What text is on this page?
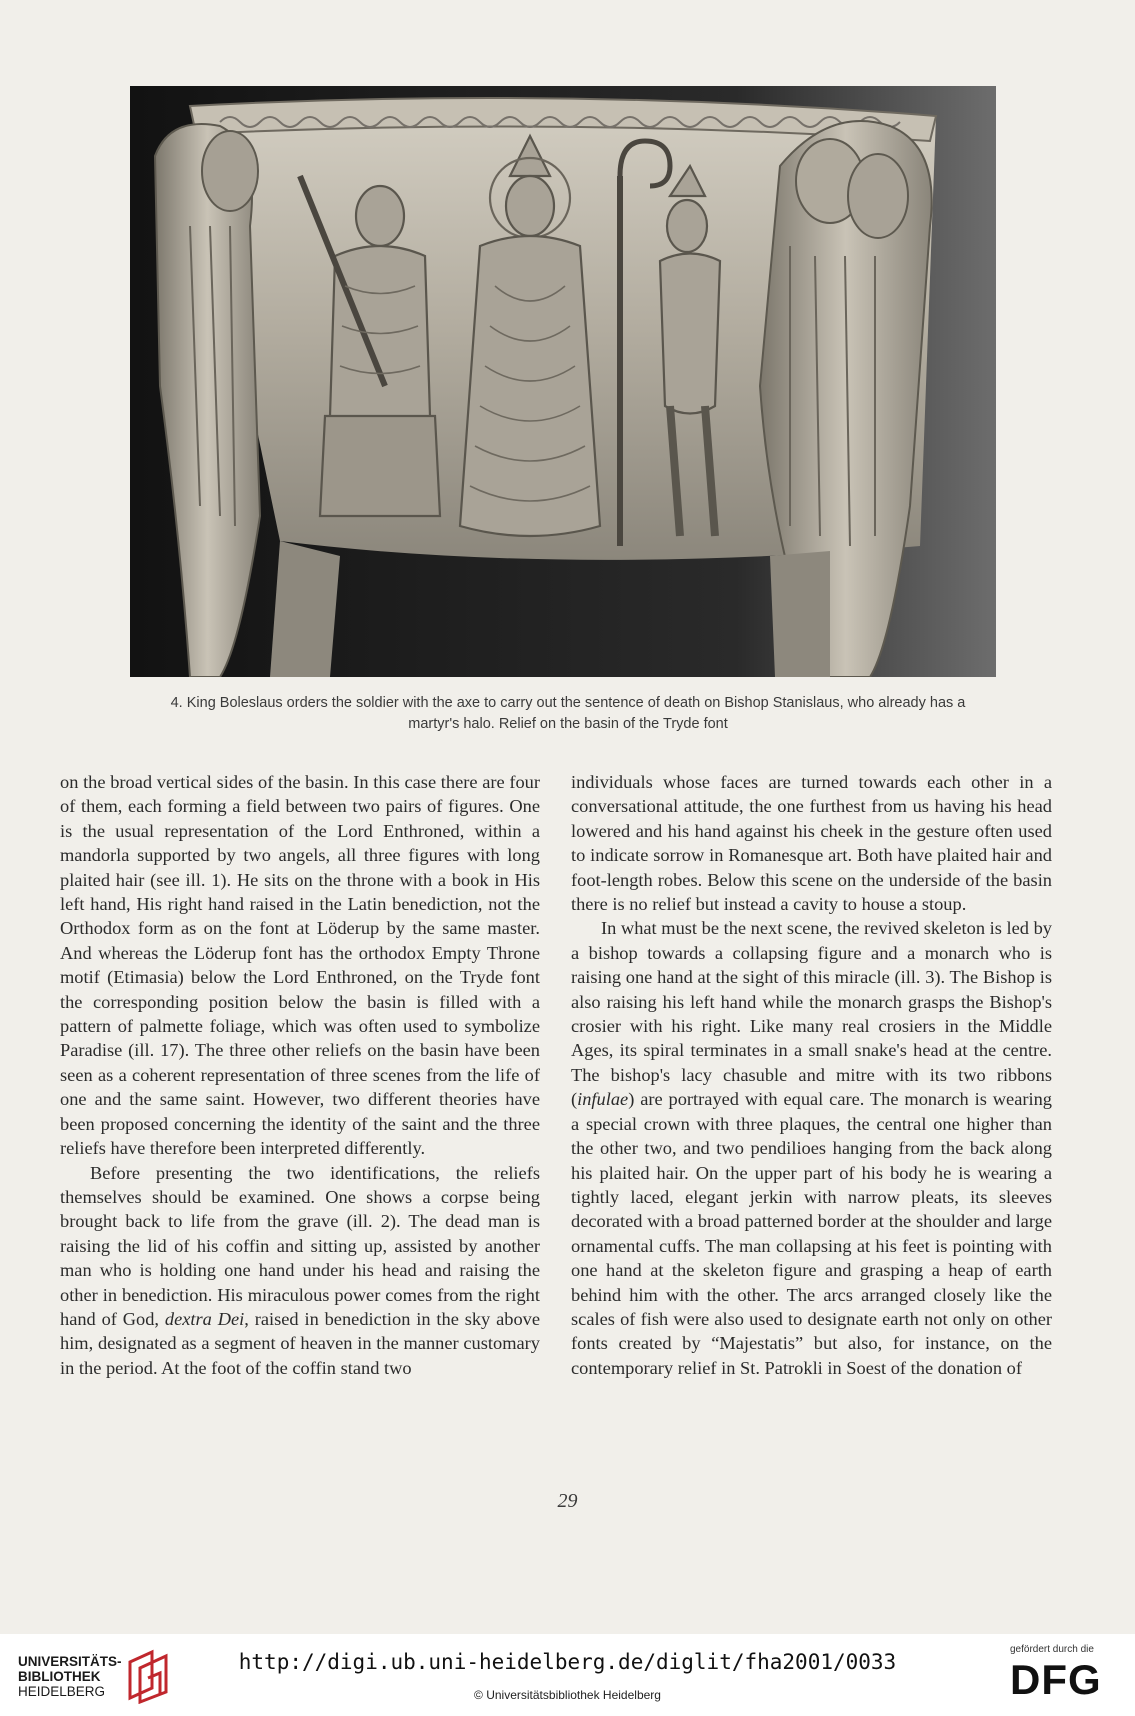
4. King Boleslaus orders the soldier with the axe to carry out the sentence of death on Bishop Stanislaus, who already has a
martyr's halo. Relief on the basin of the Tryde font

on the broad vertical sides of the basin. In this case there are four of them, each forming a field between two pairs of figures. One is the usual representation of the Lord Enthroned, within a mandorla supported by two angels, all three figures with long plaited hair (see ill. 1). He sits on the throne with a book in His left hand, His right hand raised in the Latin benediction, not the Orthodox form as on the font at Löderup by the same master. And whereas the Löderup font has the orthodox Empty Throne motif (Etimasia) below the Lord Enthroned, on the Tryde font the corresponding position below the basin is filled with a pattern of palmette foliage, which was often used to symbolize Paradise (ill. 17). The three other reliefs on the basin have been seen as a coherent representation of three scenes from the life of one and the same saint. However, two different theories have been proposed concerning the identity of the saint and the three reliefs have therefore been interpreted differently.

Before presenting the two identifications, the reliefs themselves should be examined. One shows a corpse being brought back to life from the grave (ill. 2). The dead man is raising the lid of his coffin and sitting up, assisted by another man who is holding one hand under his head and raising the other in benediction. His miraculous power comes from the right hand of God, dextra Dei, raised in benediction in the sky above him, designated as a segment of heaven in the manner customary in the period. At the foot of the coffin stand two

individuals whose faces are turned towards each other in a conversational attitude, the one furthest from us having his head lowered and his hand against his cheek in the gesture often used to indicate sorrow in Romanesque art. Both have plaited hair and foot-length robes. Below this scene on the underside of the basin there is no relief but instead a cavity to house a stoup.

In what must be the next scene, the revived skeleton is led by a bishop towards a collapsing figure and a monarch who is raising one hand at the sight of this miracle (ill. 3). The Bishop is also raising his left hand while the monarch grasps the Bishop's crosier with his right. Like many real crosiers in the Middle Ages, its spiral terminates in a small snake's head at the centre. The bishop's lacy chasuble and mitre with its two ribbons (infulae) are portrayed with equal care. The monarch is wearing a special crown with three plaques, the central one higher than the other two, and two pendilioes hanging from the back along his plaited hair. On the upper part of his body he is wearing a tightly laced, elegant jerkin with narrow pleats, its sleeves decorated with a broad patterned border at the shoulder and large ornamental cuffs. The man collapsing at his feet is pointing with one hand at the skeleton figure and grasping a heap of earth behind him with the other. The arcs arranged closely like the scales of fish were also used to designate earth not only on other fonts created by “Majestatis” but also, for instance, on the contemporary relief in St. Patrokli in Soest of the donation of

29
UNIVERSITÄTS-
BIBLIOTHEK
HEIDELBERG
http://digi.ub.uni-heidelberg.de/diglit/fha2001/0033
© Universitätsbibliothek Heidelberg
gefördert durch die
DFG
